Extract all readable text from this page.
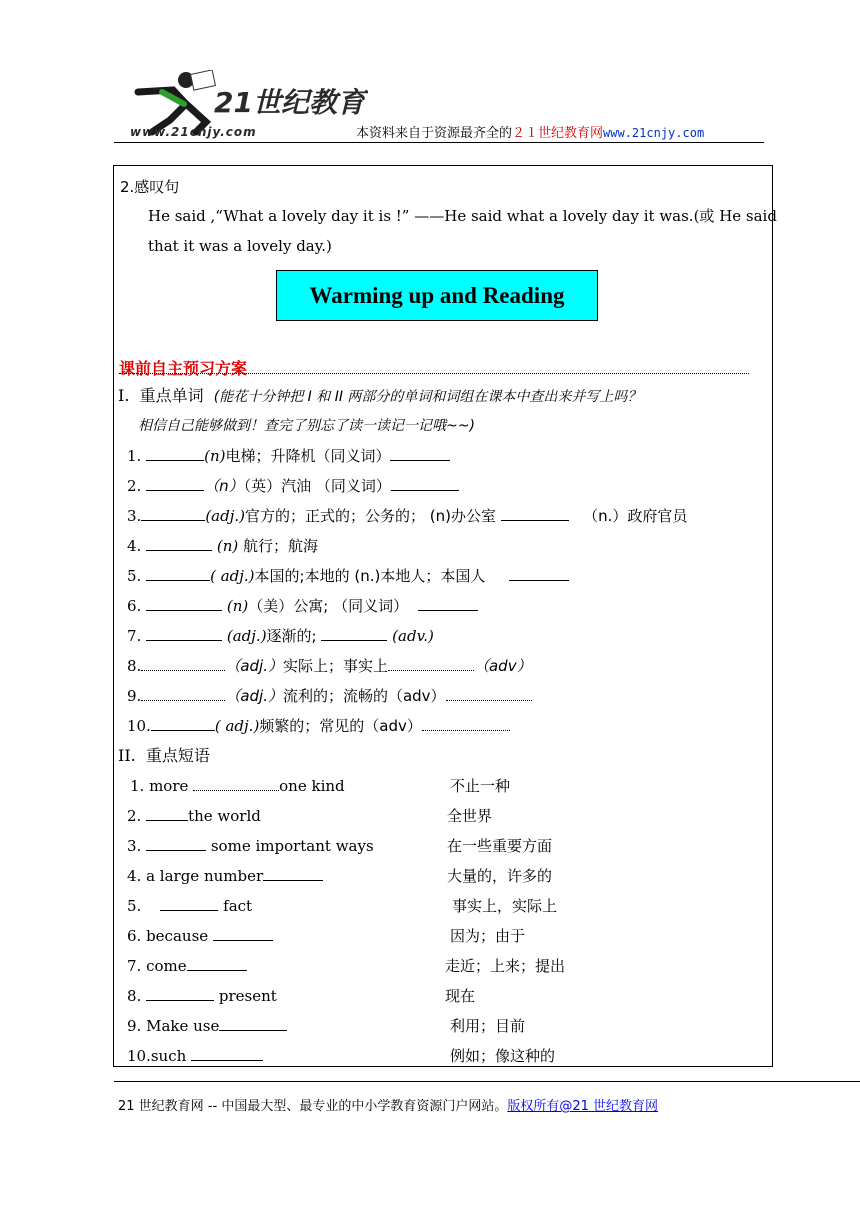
21世纪教育
www.21cnjy.com	本资料来自于资源最齐全的２１世纪教育网www.21cnjy.com
2.感叹句
He said ,“What a lovely day it is !” ——He said what a lovely day it was.(或 He said
that it was a lovely day.)
Warming up and Reading
课前自主预习方案
I. 重点单词 (能花十分钟把 I 和 II 两部分的单词和词组在课本中查出来并写上吗？
相信自己能够做到！查完了别忘了读一读记一记哦~~)
1.	(n)电梯；升降机（同义词）
2.	（n）（英）汽油 （同义词）
3.	(adj.)官方的；正式的；公务的； (n)办公室	（n.）政府官员
4.	(n) 航行；航海
5.	( adj.)本国的;本地的 (n.)本地人；本国人
6.	(n)（美）公寓; （同义词）
7.	(adj.)逐渐的;	(adv.)
8.	（adj.）实际上；事实上	（adv）
9.	（adj.）流利的；流畅的（adv）
10.	( adj.)频繁的；常见的（adv）
II. 重点短语
1. more	one kind	不止一种
2.	the world	全世界
3.	some important ways	在一些重要方面
4. a large number	大量的，许多的
5.	fact	事实上，实际上
6. because	因为；由于
7. come	走近；上来；提出
8.	present	现在
9. Make use	利用；目前
10.such	例如；像这种的
21 世纪教育网 -- 中国最大型、最专业的中小学教育资源门户网站。版权所有@21 世纪教育网
